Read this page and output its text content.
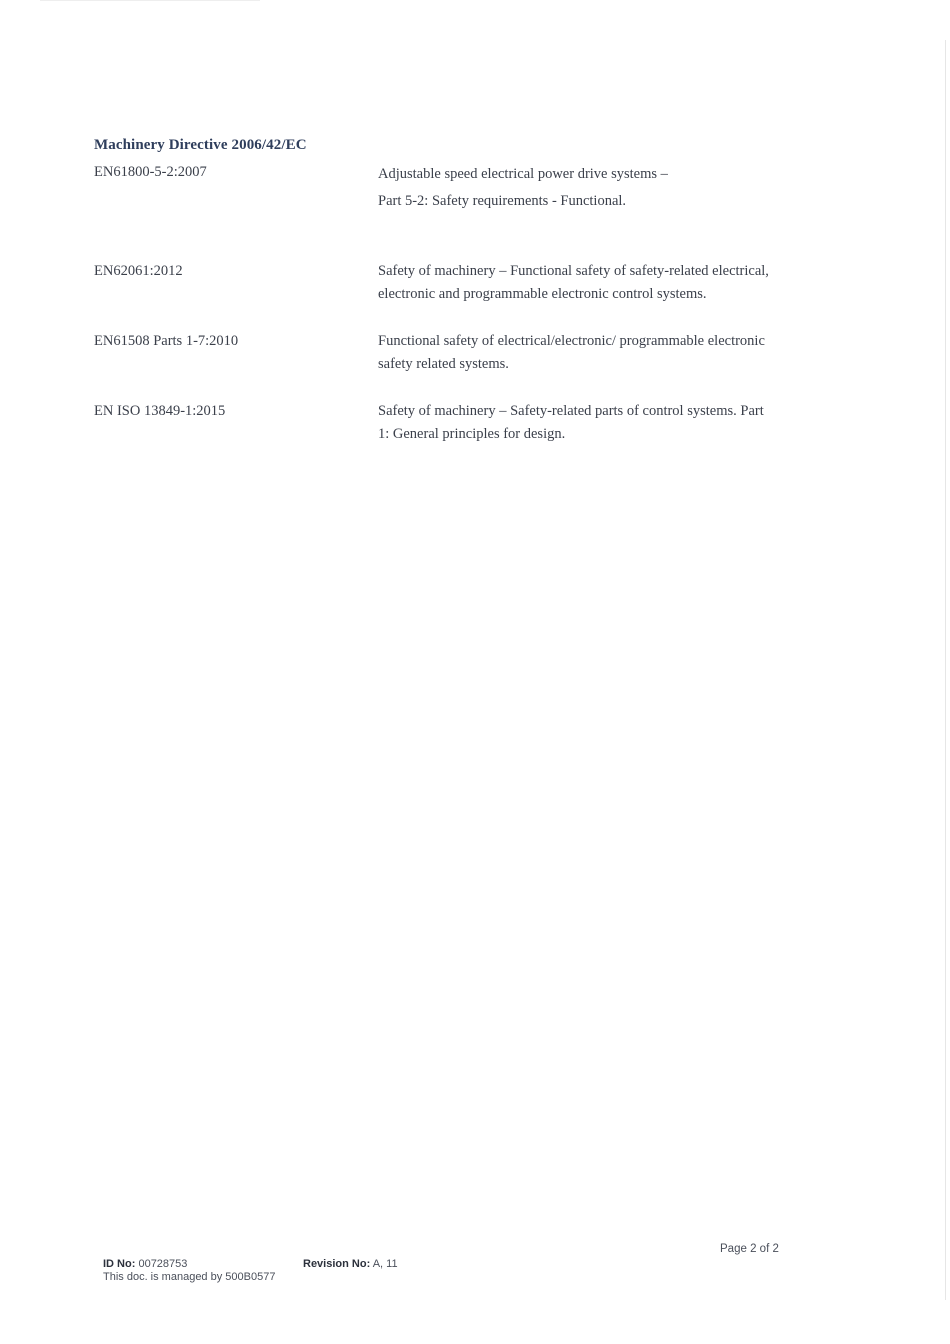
Machinery Directive 2006/42/EC
EN61800-5-2:2007	Adjustable speed electrical power drive systems –
Part 5-2: Safety requirements - Functional.
EN62061:2012	Safety of machinery – Functional safety of safety-related electrical,
electronic and programmable electronic control systems.
EN61508 Parts 1-7:2010	Functional safety of electrical/electronic/ programmable electronic
safety related systems.
EN ISO 13849-1:2015	Safety of machinery – Safety-related parts of control systems. Part
1: General principles for design.
Page 2 of 2
ID No: 00728753
This doc. is managed by 500B0577
Revision No: A, 11
